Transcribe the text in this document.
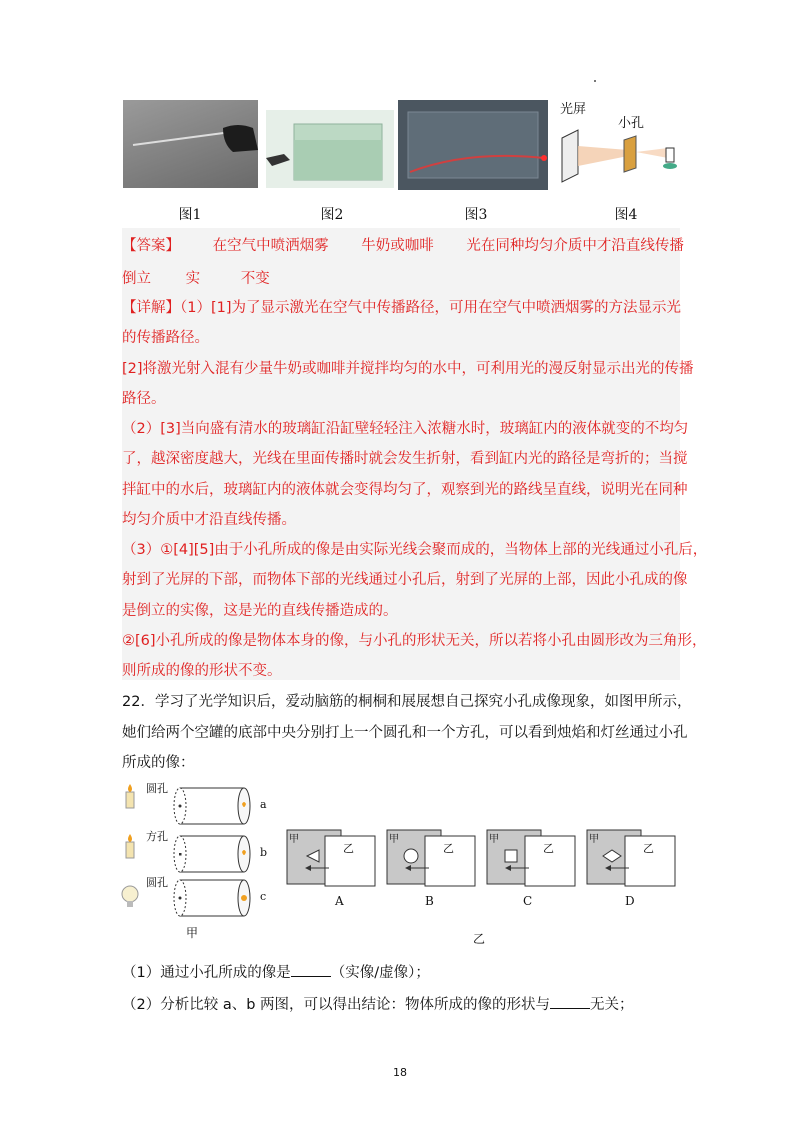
光屏
小孔
图1	图2	图3	图4
【答案】 在空气中喷洒烟雾 牛奶或咖啡 光在同种均匀介质中才沿直线传播
倒立 实	不变
【详解】（1）[1]为了显示激光在空气中传播路径，可用在空气中喷洒烟雾的方法显示光
的传播路径。
[2]将激光射入混有少量牛奶或咖啡并搅拌均匀的水中，可利用光的漫反射显示出光的传播
路径。
（2）[3]当向盛有清水的玻璃缸沿缸壁轻轻注入浓糖水时，玻璃缸内的液体就变的不均匀
了，越深密度越大，光线在里面传播时就会发生折射，看到缸内光的路径是弯折的；当搅
拌缸中的水后，玻璃缸内的液体就会变得均匀了，观察到光的路线呈直线，说明光在同种
均匀介质中才沿直线传播。
（3）①[4][5]由于小孔所成的像是由实际光线会聚而成的，当物体上部的光线通过小孔后，
射到了光屏的下部，而物体下部的光线通过小孔后，射到了光屏的上部，因此小孔成的像
是倒立的实像，这是光的直线传播造成的。
②[6]小孔所成的像是物体本身的像，与小孔的形状无关，所以若将小孔由圆形改为三角形，
则所成的像的形状不变。
22．学习了光学知识后，爱动脑筋的桐桐和展展想自己探究小孔成像现象，如图甲所示，
她们给两个空罐的底部中央分别打上一个圆孔和一个方孔，可以看到烛焰和灯丝通过小孔
所成的像：
圆孔
方孔
圆孔
a
b
c
甲
甲
乙
甲
乙
甲
乙
甲
乙
A	B	C	D
乙
（1）通过小孔所成的像是	（实像/虚像）；
（2）分析比较 a、b 两图，可以得出结论：物体所成的像的形状与	无关；
18
